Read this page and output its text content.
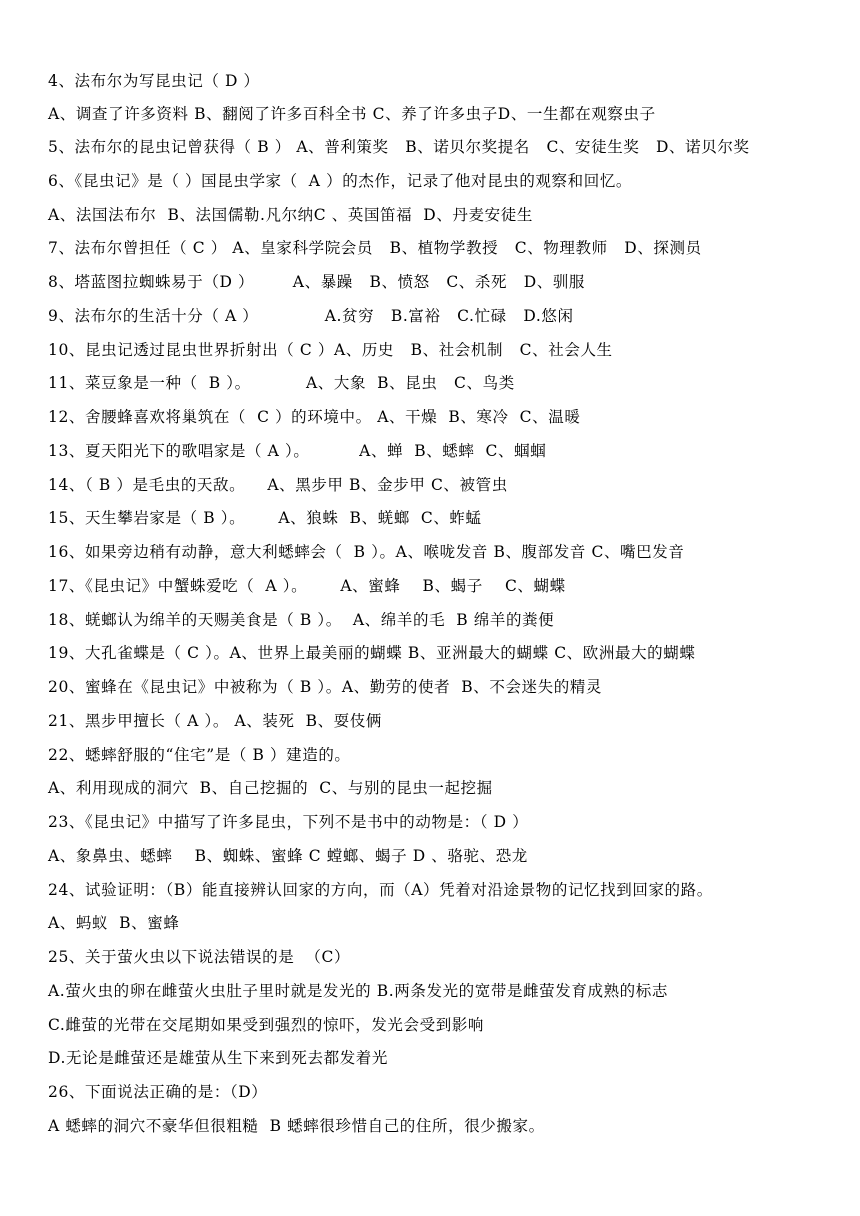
4、法布尔为写昆虫记（ D ）
A、调查了许多资料 B、翻阅了许多百科全书 C、养了许多虫子D、一生都在观察虫子
5、法布尔的昆虫记曾获得（ B ） A、普利策奖   B、诺贝尔奖提名   C、安徒生奖   D、诺贝尔奖
6、《昆虫记》是（ ）国昆虫学家（  A ）的杰作，记录了他对昆虫的观察和回忆。
A、法国法布尔  B、法国儒勒.凡尔纳C 、英国笛福  D、丹麦安徒生
7、法布尔曾担任（ C ） A、皇家科学院会员   B、植物学教授   C、物理教师   D、探测员
8、塔蓝图拉蜘蛛易于（D ）       A、暴躁   B、愤怒   C、杀死   D、驯服
9、法布尔的生活十分（ A ）            A.贫穷   B.富裕   C.忙碌   D.悠闲
10、昆虫记透过昆虫世界折射出（ C ）A、历史   B、社会机制   C、社会人生
11、菜豆象是一种（  B ）。          A、大象  B、昆虫   C、鸟类
12、舍腰蜂喜欢将巢筑在（  C ）的环境中。 A、干燥  B、寒冷  C、温暖
13、夏天阳光下的歌唱家是（ A ）。         A、蝉  B、蟋蟀  C、蝈蝈
14、（ B ）是毛虫的天敌。    A、黑步甲 B、金步甲 C、被管虫
15、天生攀岩家是（ B ）。      A、狼蛛  B、蜣螂  C、蚱蜢
16、如果旁边稍有动静，意大利蟋蟀会（  B ）。A、喉咙发音 B、腹部发音 C、嘴巴发音
17、《昆虫记》中蟹蛛爱吃（  A ）。      A、蜜蜂    B、蝎子    C、蝴蝶
18、蜣螂认为绵羊的天赐美食是（ B ）。  A、绵羊的毛  B 绵羊的粪便
19、大孔雀蝶是（ C ）。A、世界上最美丽的蝴蝶 B、亚洲最大的蝴蝶 C、欧洲最大的蝴蝶
20、蜜蜂在《昆虫记》中被称为（ B ）。A、勤劳的使者  B、不会迷失的精灵
21、黑步甲擅长（ A ）。 A、装死  B、耍伎俩
22、蟋蟀舒服的“住宅”是（ B ）建造的。
A、利用现成的洞穴  B、自己挖掘的  C、与别的昆虫一起挖掘
23、《昆虫记》中描写了许多昆虫，下列不是书中的动物是：（ D ）
A、象鼻虫、蟋蟀    B、蜘蛛、蜜蜂 C 螳螂、蝎子 D 、骆驼、恐龙
24、试验证明：（B）能直接辨认回家的方向，而（A）凭着对沿途景物的记忆找到回家的路。
A、蚂蚁  B、蜜蜂
25、关于萤火虫以下说法错误的是  （C）
A.萤火虫的卵在雌萤火虫肚子里时就是发光的 B.两条发光的宽带是雌萤发育成熟的标志
C.雌萤的光带在交尾期如果受到强烈的惊吓，发光会受到影响
D.无论是雌萤还是雄萤从生下来到死去都发着光
26、下面说法正确的是：（D）
A 蟋蟀的洞穴不豪华但很粗糙  B 蟋蟀很珍惜自己的住所，很少搬家。
